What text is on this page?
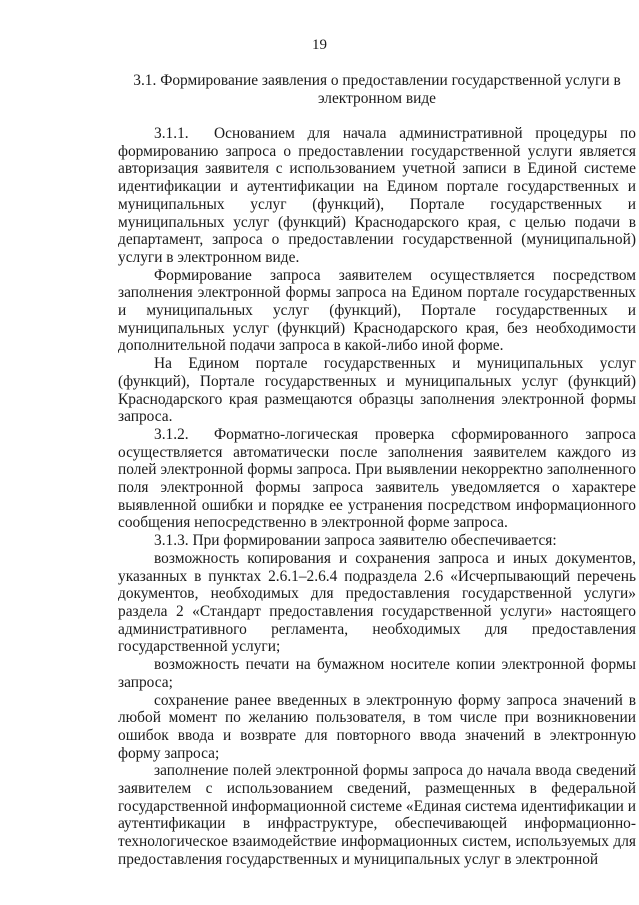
19
3.1. Формирование заявления о предоставлении государственной услуги в электронном виде

3.1.1. Основанием для начала административной процедуры по формированию запроса о предоставлении государственной услуги является авторизация заявителя с использованием учетной записи в Единой системе идентификации и аутентификации на Едином портале государственных и муниципальных услуг (функций), Портале государственных и муниципальных услуг (функций) Краснодарского края, с целью подачи в департамент, запроса о предоставлении государственной (муниципальной) услуги в электронном виде.

Формирование запроса заявителем осуществляется посредством заполнения электронной формы запроса на Едином портале государственных и муниципальных услуг (функций), Портале государственных и муниципальных услуг (функций) Краснодарского края, без необходимости дополнительной подачи запроса в какой-либо иной форме.

На Едином портале государственных и муниципальных услуг (функций), Портале государственных и муниципальных услуг (функций) Краснодарского края размещаются образцы заполнения электронной формы запроса.

3.1.2. Форматно-логическая проверка сформированного запроса осуществляется автоматически после заполнения заявителем каждого из полей электронной формы запроса. При выявлении некорректно заполненного поля электронной формы запроса заявитель уведомляется о характере выявленной ошибки и порядке ее устранения посредством информационного сообщения непосредственно в электронной форме запроса.

3.1.3. При формировании запроса заявителю обеспечивается:

возможность копирования и сохранения запроса и иных документов, указанных в пунктах 2.6.1–2.6.4 подраздела 2.6 «Исчерпывающий перечень документов, необходимых для предоставления государственной услуги» раздела 2 «Стандарт предоставления государственной услуги» настоящего административного регламента, необходимых для предоставления государственной услуги;

возможность печати на бумажном носителе копии электронной формы запроса;

сохранение ранее введенных в электронную форму запроса значений в любой момент по желанию пользователя, в том числе при возникновении ошибок ввода и возврате для повторного ввода значений в электронную форму запроса;

заполнение полей электронной формы запроса до начала ввода сведений заявителем с использованием сведений, размещенных в федеральной государственной информационной системе «Единая система идентификации и аутентификации в инфраструктуре, обеспечивающей информационно-технологическое взаимодействие информационных систем, используемых для предоставления государственных и муниципальных услуг в электронной
